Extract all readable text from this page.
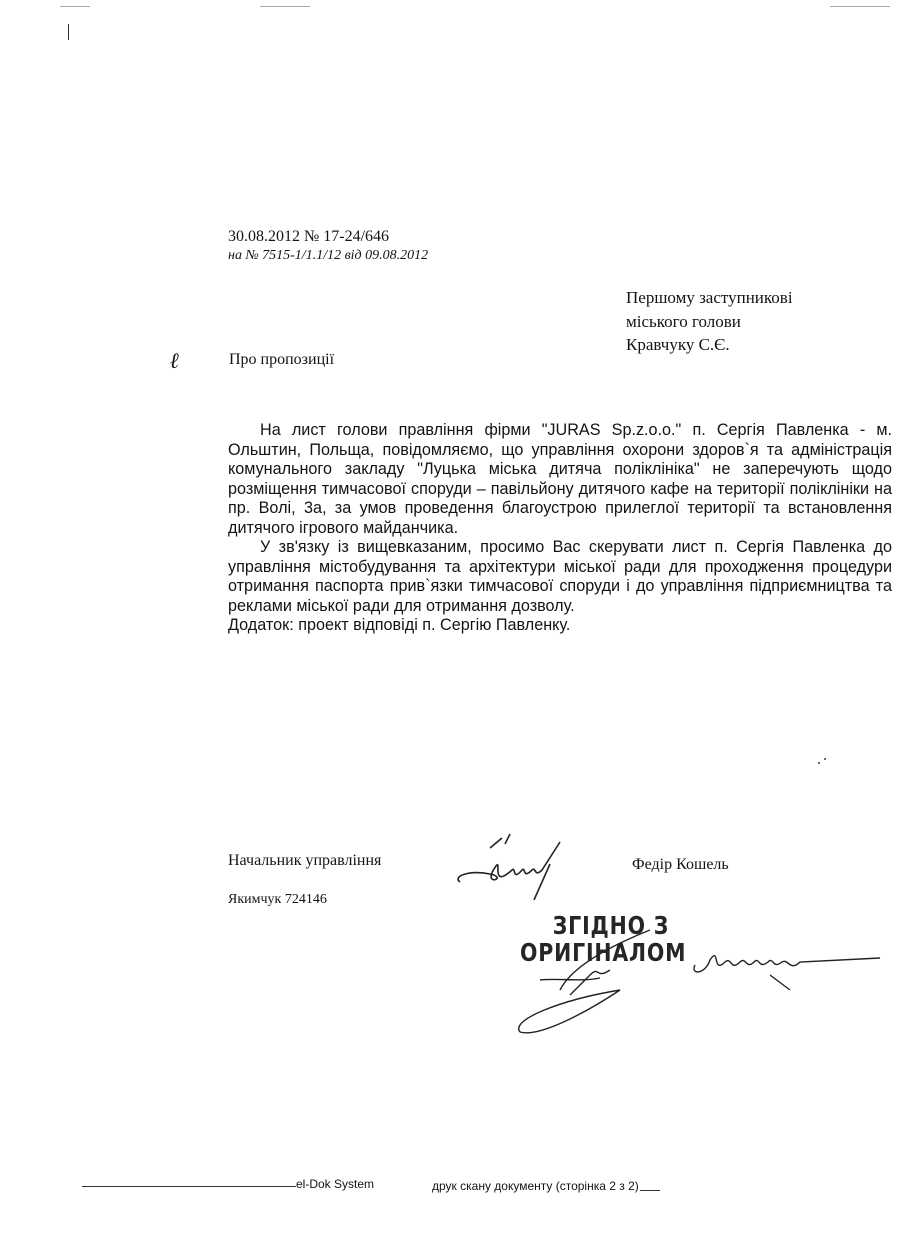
30.08.2012 № 17-24/646
на № 7515-1/1.1/12 від 09.08.2012
Першому заступникові
міського голови
Кравчуку С.Є.
ℓ	Про пропозиції

На лист голови правління фірми "JURAS Sp.z.o.o." п. Сергія Павленка - м. Ольштин, Польща, повідомляємо, що управління охорони здоров`я та адміністрація комунального закладу "Луцька міська дитяча поліклініка" не заперечують щодо розміщення тимчасової споруди – павільйону дитячого кафе на території поліклініки на пр. Волі, 3а, за умов проведення благоустрою прилеглої території та встановлення дитячого ігрового майданчика.

У зв'язку із вищевказаним, просимо Вас скерувати лист п. Сергія Павленка до управління містобудування та архітектури міської ради для проходження процедури отримання паспорта прив`язки тимчасової споруди і до управління підприємництва та реклами міської ради для отримання дозволу.

Додаток: проект відповіді п. Сергію Павленку.

Начальник управління	Федір Кошель
Якимчук 724146
ЗГІДНО З
ОРИГІНАЛОМ
el-Dok System	друк скану документу (сторінка 2 з 2)
